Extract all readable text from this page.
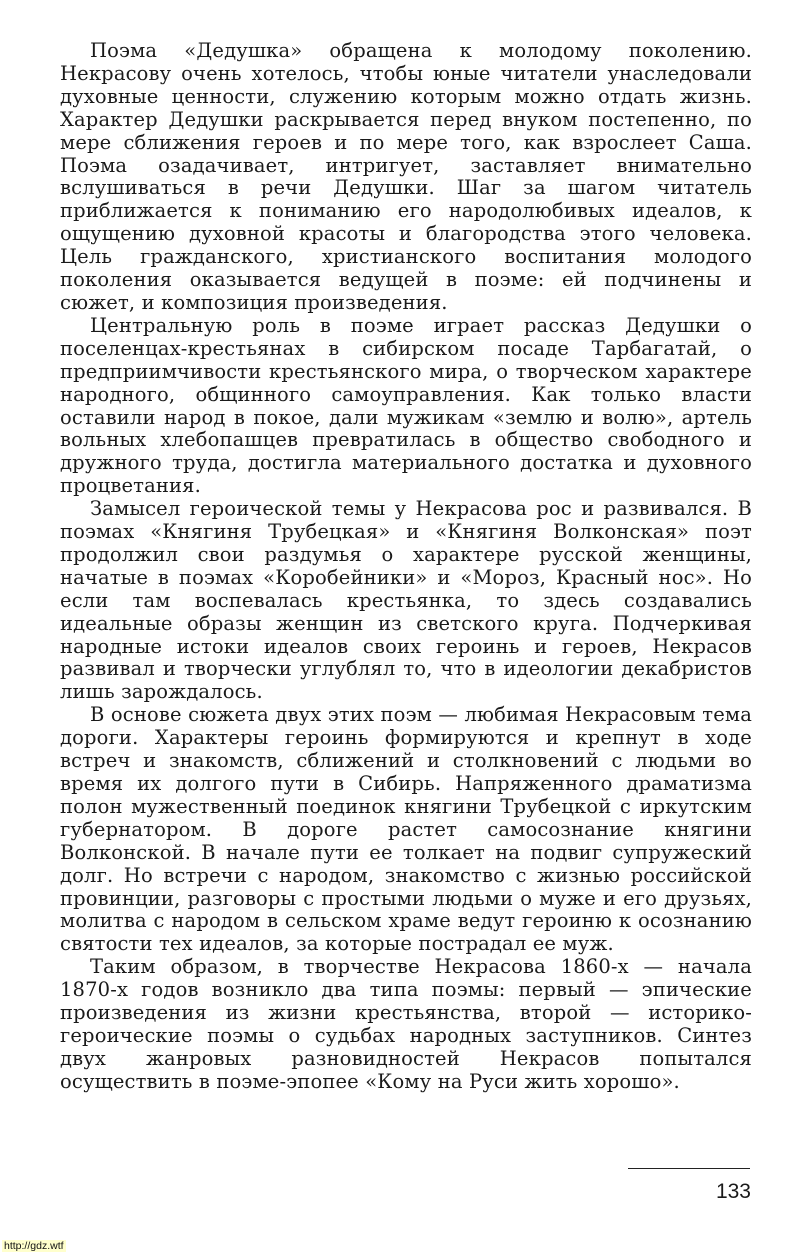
Поэма «Дедушка» обращена к молодому поколению. Некрасову очень хотелось, чтобы юные читатели унаследовали духовные ценности, служению которым можно отдать жизнь. Характер Дедушки раскрывается перед внуком постепенно, по мере сближения героев и по мере того, как взрослеет Саша. Поэма озадачивает, интригует, заставляет внимательно вслушиваться в речи Дедушки. Шаг за шагом читатель приближается к пониманию его народолюбивых идеалов, к ощущению духовной красоты и благородства этого человека. Цель гражданского, христианского воспитания молодого поколения оказывается ведущей в поэме: ей подчинены и сюжет, и композиция произведения.

Центральную роль в поэме играет рассказ Дедушки о поселенцах-крестьянах в сибирском посаде Тарбагатай, о предприимчивости крестьянского мира, о творческом характере народного, общинного самоуправления. Как только власти оставили народ в покое, дали мужикам «землю и волю», артель вольных хлебопашцев превратилась в общество свободного и дружного труда, достигла материального достатка и духовного процветания.

Замысел героической темы у Некрасова рос и развивался. В поэмах «Княгиня Трубецкая» и «Княгиня Волконская» поэт продолжил свои раздумья о характере русской женщины, начатые в поэмах «Коробейники» и «Мороз, Красный нос». Но если там воспевалась крестьянка, то здесь создавались идеальные образы женщин из светского круга. Подчеркивая народные истоки идеалов своих героинь и героев, Некрасов развивал и творчески углублял то, что в идеологии декабристов лишь зарождалось.

В основе сюжета двух этих поэм — любимая Некрасовым тема дороги. Характеры героинь формируются и крепнут в ходе встреч и знакомств, сближений и столкновений с людьми во время их долгого пути в Сибирь. Напряженного драматизма полон мужественный поединок княгини Трубецкой с иркутским губернатором. В дороге растет самосознание княгини Волконской. В начале пути ее толкает на подвиг супружеский долг. Но встречи с народом, знакомство с жизнью российской провинции, разговоры с простыми людьми о муже и его друзьях, молитва с народом в сельском храме ведут героиню к осознанию святости тех идеалов, за которые пострадал ее муж.

Таким образом, в творчестве Некрасова 1860-х — начала 1870-х годов возникло два типа поэмы: первый — эпические произведения из жизни крестьянства, второй — историко-героические поэмы о судьбах народных заступников. Синтез двух жанровых разновидностей Некрасов попытался осуществить в поэме-эпопее «Кому на Руси жить хорошо».

133
http://gdz.wtf
